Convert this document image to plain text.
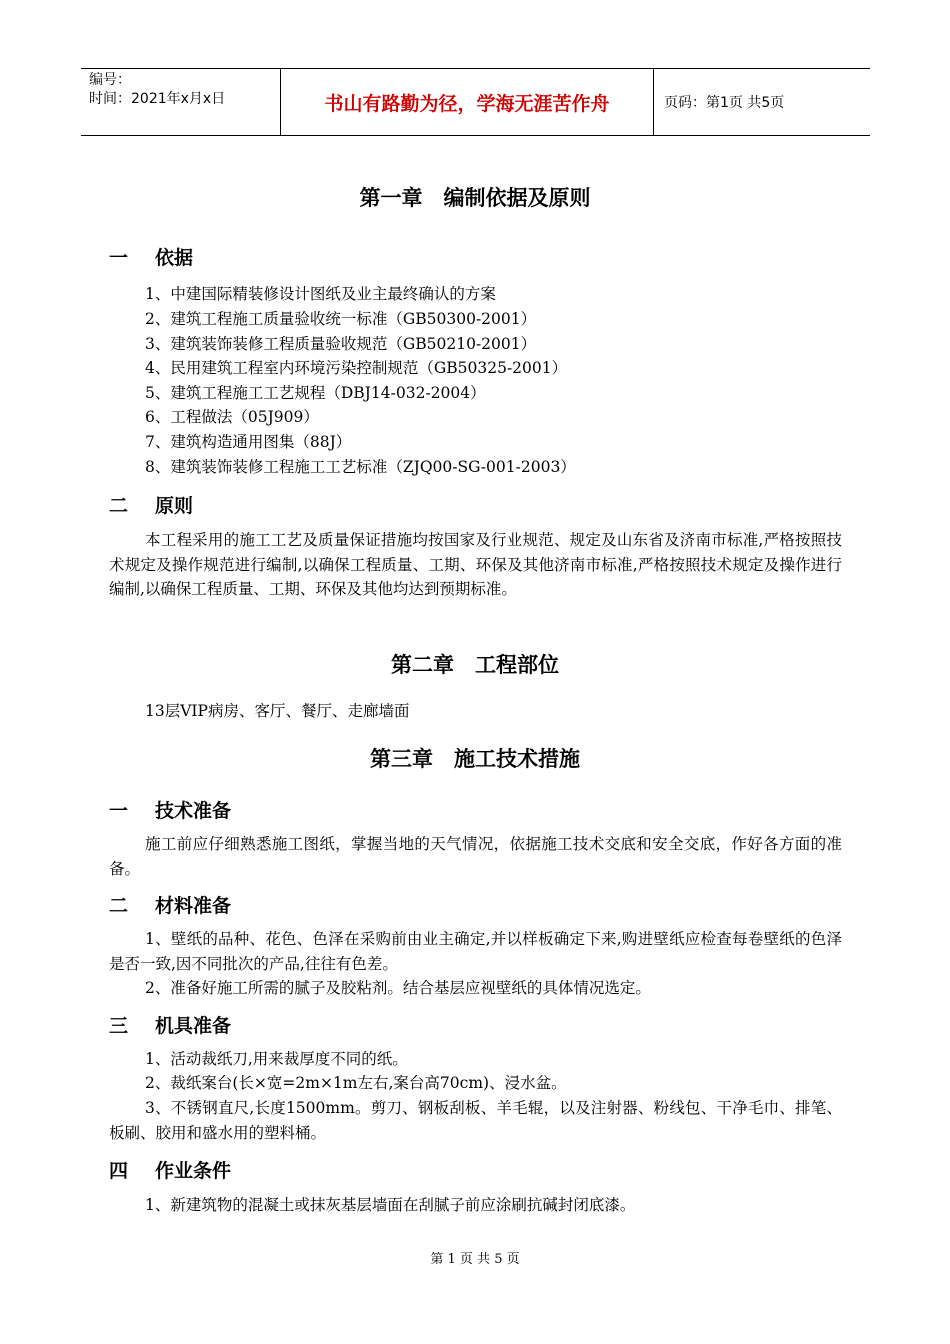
编号：
时间：2021年x月x日	书山有路勤为径，学海无涯苦作舟	页码：第1页 共5页
第一章　编制依据及原则
一 依据
1、中建国际精装修设计图纸及业主最终确认的方案
2、建筑工程施工质量验收统一标准（GB50300-2001）
3、建筑装饰装修工程质量验收规范（GB50210-2001）
4、民用建筑工程室内环境污染控制规范（GB50325-2001）
5、建筑工程施工工艺规程（DBJ14-032-2004）
6、工程做法（05J909）
7、建筑构造通用图集（88J）
8、建筑装饰装修工程施工工艺标准（ZJQ00-SG-001-2003）
二 原则
本工程采用的施工工艺及质量保证措施均按国家及行业规范、规定及山东省及济南市标准,严格按照技术规定及操作规范进行编制,以确保工程质量、工期、环保及其他济南市标准,严格按照技术规定及操作进行编制,以确保工程质量、工期、环保及其他均达到预期标准。
第二章　工程部位
13层VIP病房、客厅、餐厅、走廊墙面
第三章　施工技术措施
一 技术准备
施工前应仔细熟悉施工图纸，掌握当地的天气情况，依据施工技术交底和安全交底，作好各方面的准备。
二 材料准备
1、壁纸的品种、花色、色泽在采购前由业主确定,并以样板确定下来,购进壁纸应检查每卷壁纸的色泽是否一致,因不同批次的产品,往往有色差。
2、准备好施工所需的腻子及胶粘剂。结合基层应视壁纸的具体情况选定。
三 机具准备
1、活动裁纸刀,用来裁厚度不同的纸。
2、裁纸案台(长×宽=2m×1m左右,案台高70cm)、浸水盆。
3、不锈钢直尺,长度1500mm。剪刀、钢板刮板、羊毛辊，以及注射器、粉线包、干净毛巾、排笔、板刷、胶用和盛水用的塑料桶。
四 作业条件
1、新建筑物的混凝土或抹灰基层墙面在刮腻子前应涂刷抗碱封闭底漆。
第 1 页 共 5 页
